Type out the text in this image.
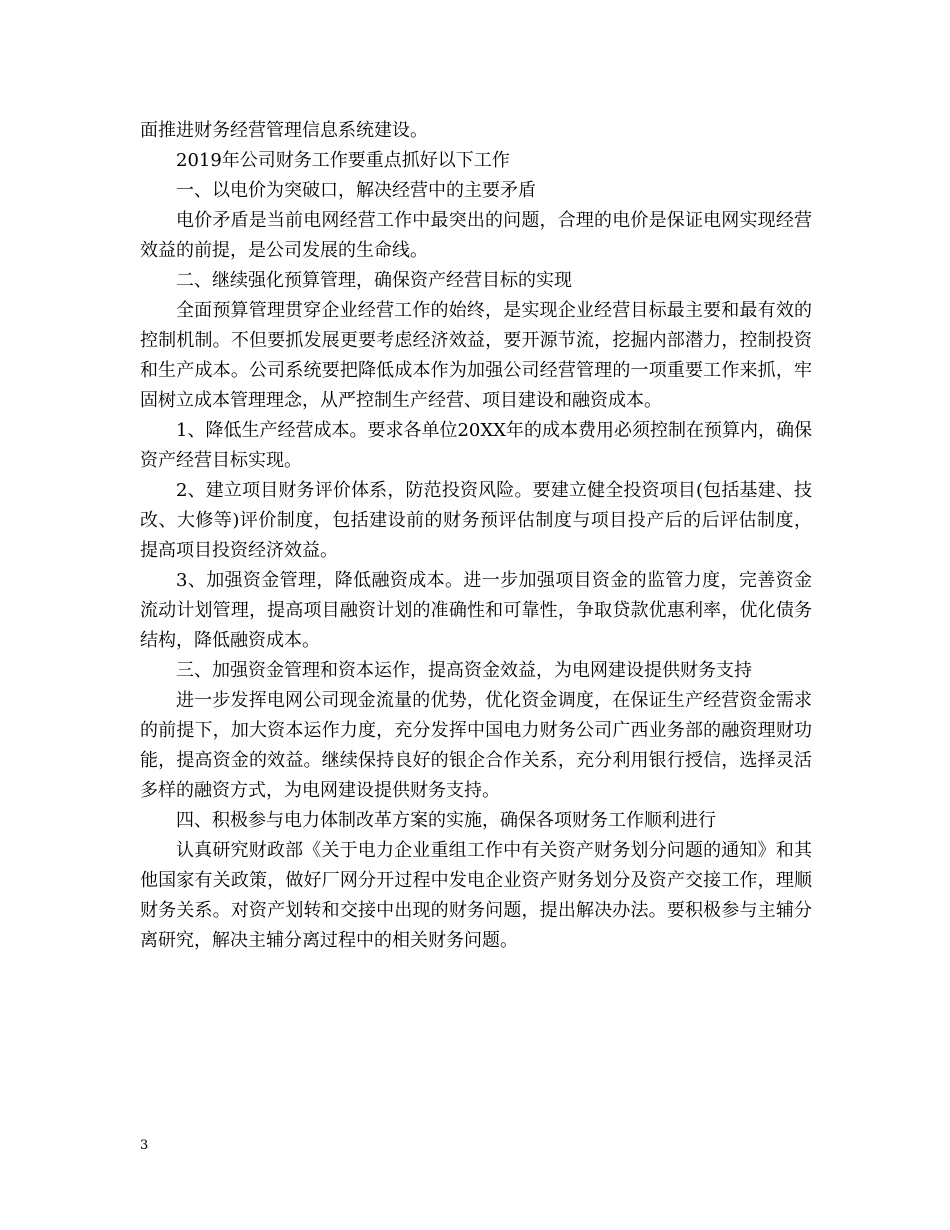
面推进财务经营管理信息系统建设。

2019年公司财务工作要重点抓好以下工作

一、以电价为突破口，解决经营中的主要矛盾

电价矛盾是当前电网经营工作中最突出的问题，合理的电价是保证电网实现经营效益的前提，是公司发展的生命线。

二、继续强化预算管理，确保资产经营目标的实现

全面预算管理贯穿企业经营工作的始终，是实现企业经营目标最主要和最有效的控制机制。不但要抓发展更要考虑经济效益，要开源节流，挖掘内部潜力，控制投资和生产成本。公司系统要把降低成本作为加强公司经营管理的一项重要工作来抓，牢固树立成本管理理念，从严控制生产经营、项目建设和融资成本。

1、降低生产经营成本。要求各单位20XX年的成本费用必须控制在预算内，确保资产经营目标实现。

2、建立项目财务评价体系，防范投资风险。要建立健全投资项目(包括基建、技改、大修等)评价制度，包括建设前的财务预评估制度与项目投产后的后评估制度，提高项目投资经济效益。

3、加强资金管理，降低融资成本。进一步加强项目资金的监管力度，完善资金流动计划管理，提高项目融资计划的准确性和可靠性，争取贷款优惠利率，优化债务结构，降低融资成本。

三、加强资金管理和资本运作，提高资金效益，为电网建设提供财务支持

进一步发挥电网公司现金流量的优势，优化资金调度，在保证生产经营资金需求的前提下，加大资本运作力度，充分发挥中国电力财务公司广西业务部的融资理财功能，提高资金的效益。继续保持良好的银企合作关系，充分利用银行授信，选择灵活多样的融资方式，为电网建设提供财务支持。

四、积极参与电力体制改革方案的实施，确保各项财务工作顺利进行

认真研究财政部《关于电力企业重组工作中有关资产财务划分问题的通知》和其他国家有关政策，做好厂网分开过程中发电企业资产财务划分及资产交接工作，理顺财务关系。对资产划转和交接中出现的财务问题，提出解决办法。要积极参与主辅分离研究，解决主辅分离过程中的相关财务问题。

3
